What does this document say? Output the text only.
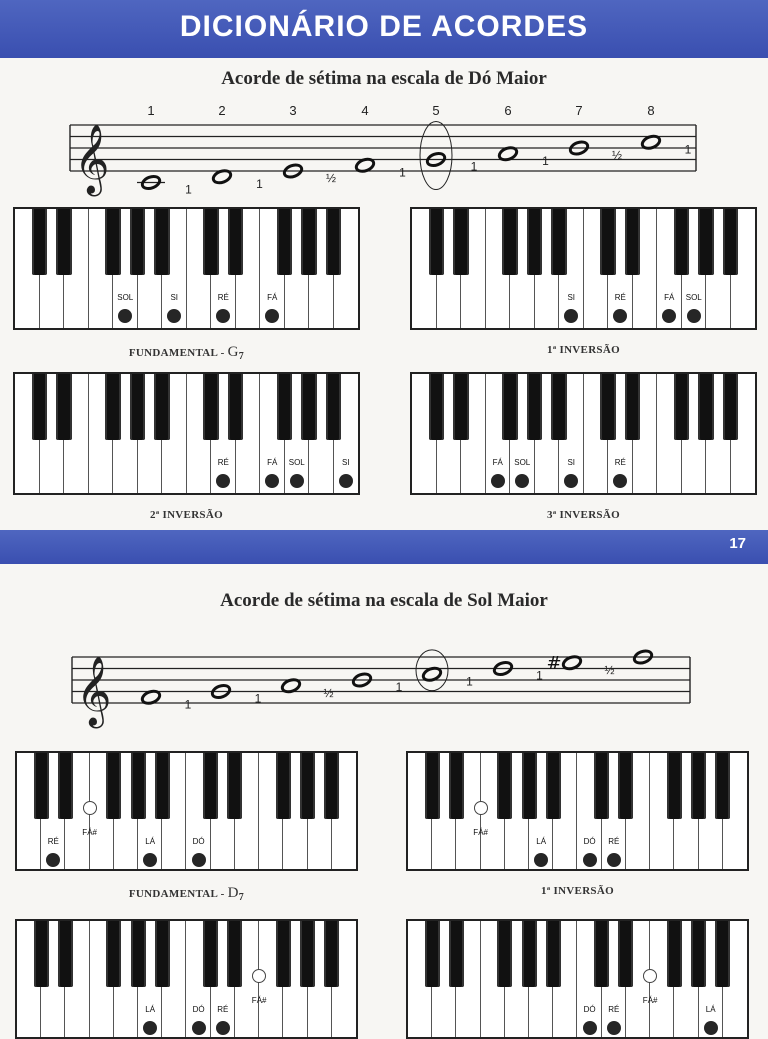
DICIONÁRIO DE ACORDES
Acorde de sétima na escala de Dó Maior
𝄞
1	2	3	4	5	6	7	8
1	1	½	1	1	1	½	1
SOL	SI	RÉ	FÁ
FUNDAMENTAL - $G_7$
SI	RÉ	FÁ SOL
1ª INVERSÃO
RÉ	FÁ SOL	SI
2ª INVERSÃO
FÁ SOL	SI	RÉ
3ª INVERSÃO
17
Acorde de sétima na escala de Sol Maior
𝄞	1	1	½	1	1	1	½
#
RÉ
FÁ#
LÁ	DÓ
FUNDAMENTAL - $D_7$
FÁ#
LÁ	DÓ RÉ
1ª INVERSÃO
LÁ	DÓ RÉ
FÁ#
DÓ RÉ
FÁ#
LÁ
